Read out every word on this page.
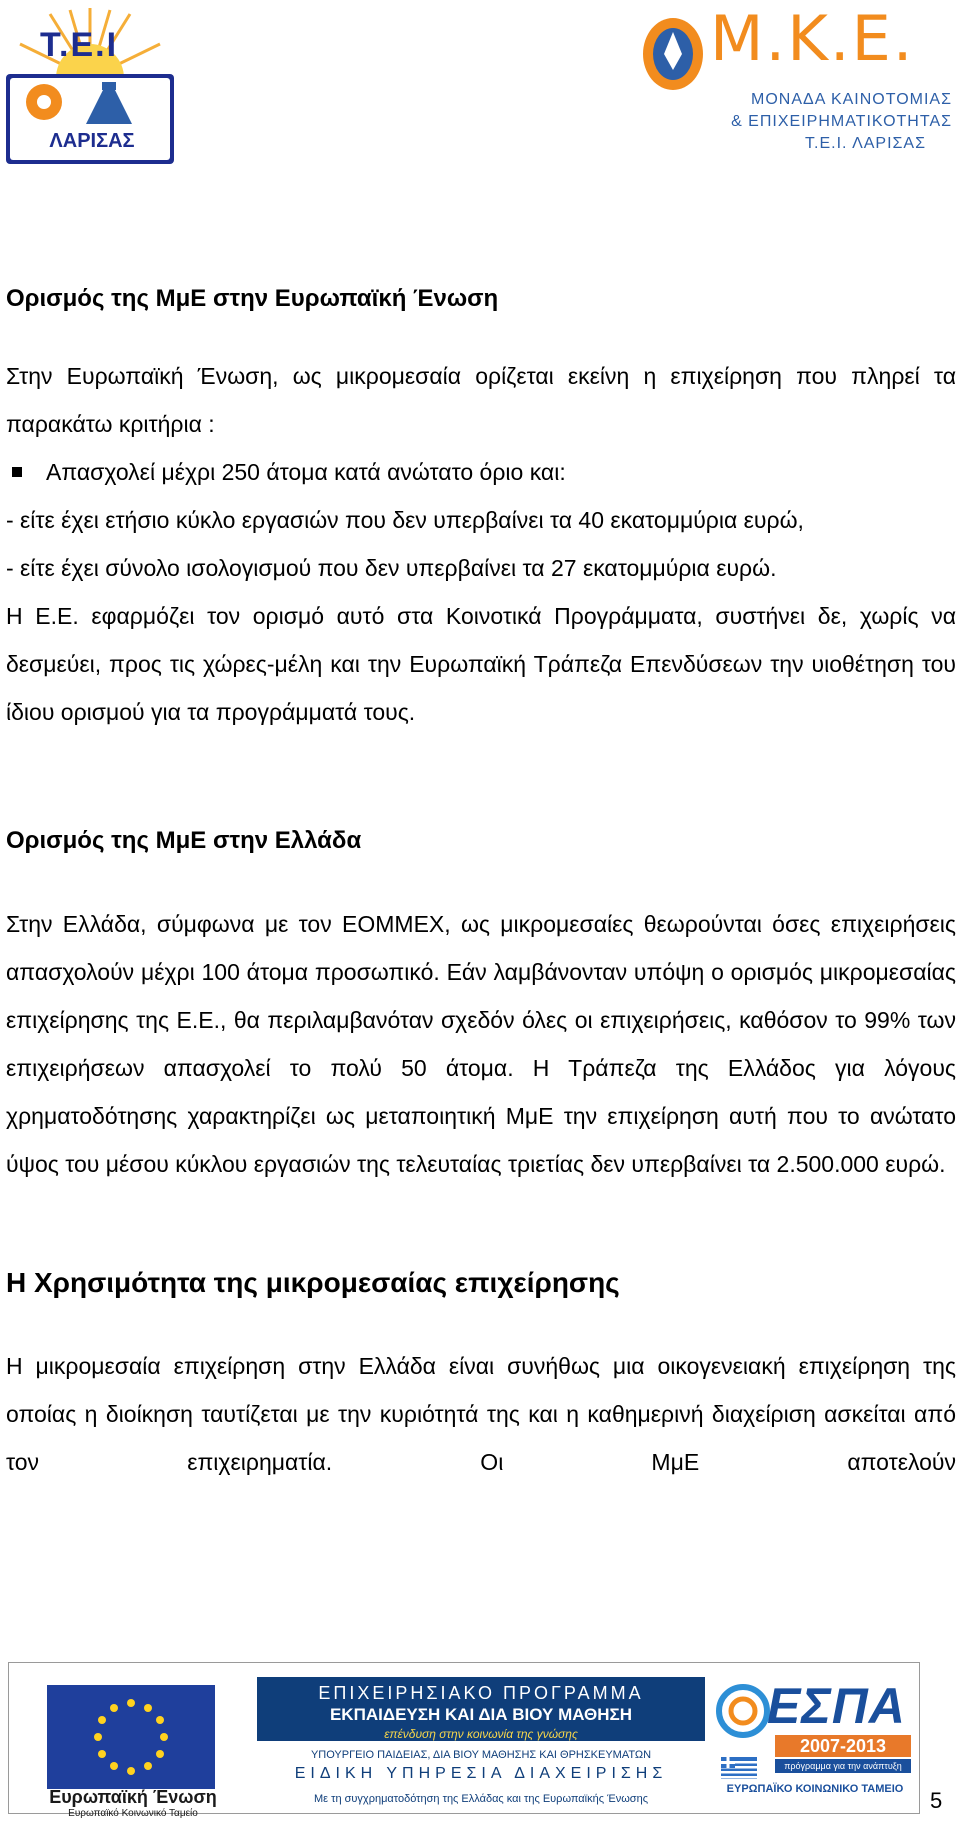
Τ.Ε.Ι
ΛΑΡΙΣΑΣ
Μ.Κ.Ε.
ΜΟΝΑΔΑ ΚΑΙΝΟΤΟΜΙΑΣ
& ΕΠΙΧΕΙΡΗΜΑΤΙΚΟΤΗΤΑΣ
Τ.Ε.Ι. ΛΑΡΙΣΑΣ
Ορισμός της ΜμΕ στην Ευρωπαϊκή Ένωση

Στην Ευρωπαϊκή Ένωση, ως μικρομεσαία ορίζεται εκείνη η επιχείρηση που πληρεί τα παρακάτω κριτήρια :

Απασχολεί μέχρι 250 άτομα κατά ανώτατο όριο και:

- είτε έχει ετήσιο κύκλο εργασιών που δεν υπερβαίνει τα 40 εκατομμύρια ευρώ,

- είτε έχει σύνολο ισολογισμού που δεν υπερβαίνει τα 27 εκατομμύρια ευρώ.

Η Ε.Ε. εφαρμόζει τον ορισμό αυτό στα Κοινοτικά Προγράμματα, συστήνει δε, χωρίς να δεσμεύει, προς τις χώρες-μέλη και την Ευρωπαϊκή Τράπεζα Επενδύσεων την υιοθέτηση του ίδιου ορισμού για τα προγράμματά τους.

Ορισμός της ΜμΕ στην Ελλάδα

Στην Ελλάδα, σύμφωνα με τον ΕΟΜΜΕΧ, ως μικρομεσαίες θεωρούνται όσες επιχειρήσεις απασχολούν μέχρι 100 άτομα προσωπικό. Εάν λαμβάνονταν υπόψη ο ορισμός μικρομεσαίας επιχείρησης της Ε.Ε., θα περιλαμβανόταν σχεδόν όλες οι επιχειρήσεις, καθόσον το 99% των επιχειρήσεων απασχολεί το πολύ 50 άτομα. Η Τράπεζα της Ελλάδος για λόγους χρηματοδότησης χαρακτηρίζει ως μεταποιητική ΜμΕ την επιχείρηση αυτή που το ανώτατο ύψος του μέσου κύκλου εργασιών της τελευταίας τριετίας δεν υπερβαίνει τα 2.500.000 ευρώ.

Η Χρησιμότητα της μικρομεσαίας επιχείρησης

Η μικρομεσαία επιχείρηση στην Ελλάδα είναι συνήθως μια οικογενειακή επιχείρηση της οποίας η διοίκηση ταυτίζεται με την κυριότητά της και η καθημερινή διαχείριση ασκείται από τον επιχειρηματία. Οι ΜμΕ αποτελούν

Ευρωπαϊκή Ένωση
Ευρωπαϊκό Κοινωνικό Ταμείο
ΕΠΙΧΕΙΡΗΣΙΑΚΟ ΠΡΟΓΡΑΜΜΑ
ΕΚΠΑΙΔΕΥΣΗ ΚΑΙ ΔΙΑ ΒΙΟΥ ΜΑΘΗΣΗ
επένδυση στην κοινωνία της γνώσης
ΥΠΟΥΡΓΕΙΟ ΠΑΙΔΕΙΑΣ, ΔΙΑ ΒΙΟΥ ΜΑΘΗΣΗΣ ΚΑΙ ΘΡΗΣΚΕΥΜΑΤΩΝ
ΕΙΔΙΚΗ ΥΠΗΡΕΣΙΑ ΔΙΑΧΕΙΡΙΣΗΣ
Με τη συγχρηματοδότηση της Ελλάδας και της Ευρωπαϊκής Ένωσης
ΕΣΠΑ
2007-2013
πρόγραμμα για την ανάπτυξη
ΕΥΡΩΠΑΪΚΟ ΚΟΙΝΩΝΙΚΟ ΤΑΜΕΙΟ	5
